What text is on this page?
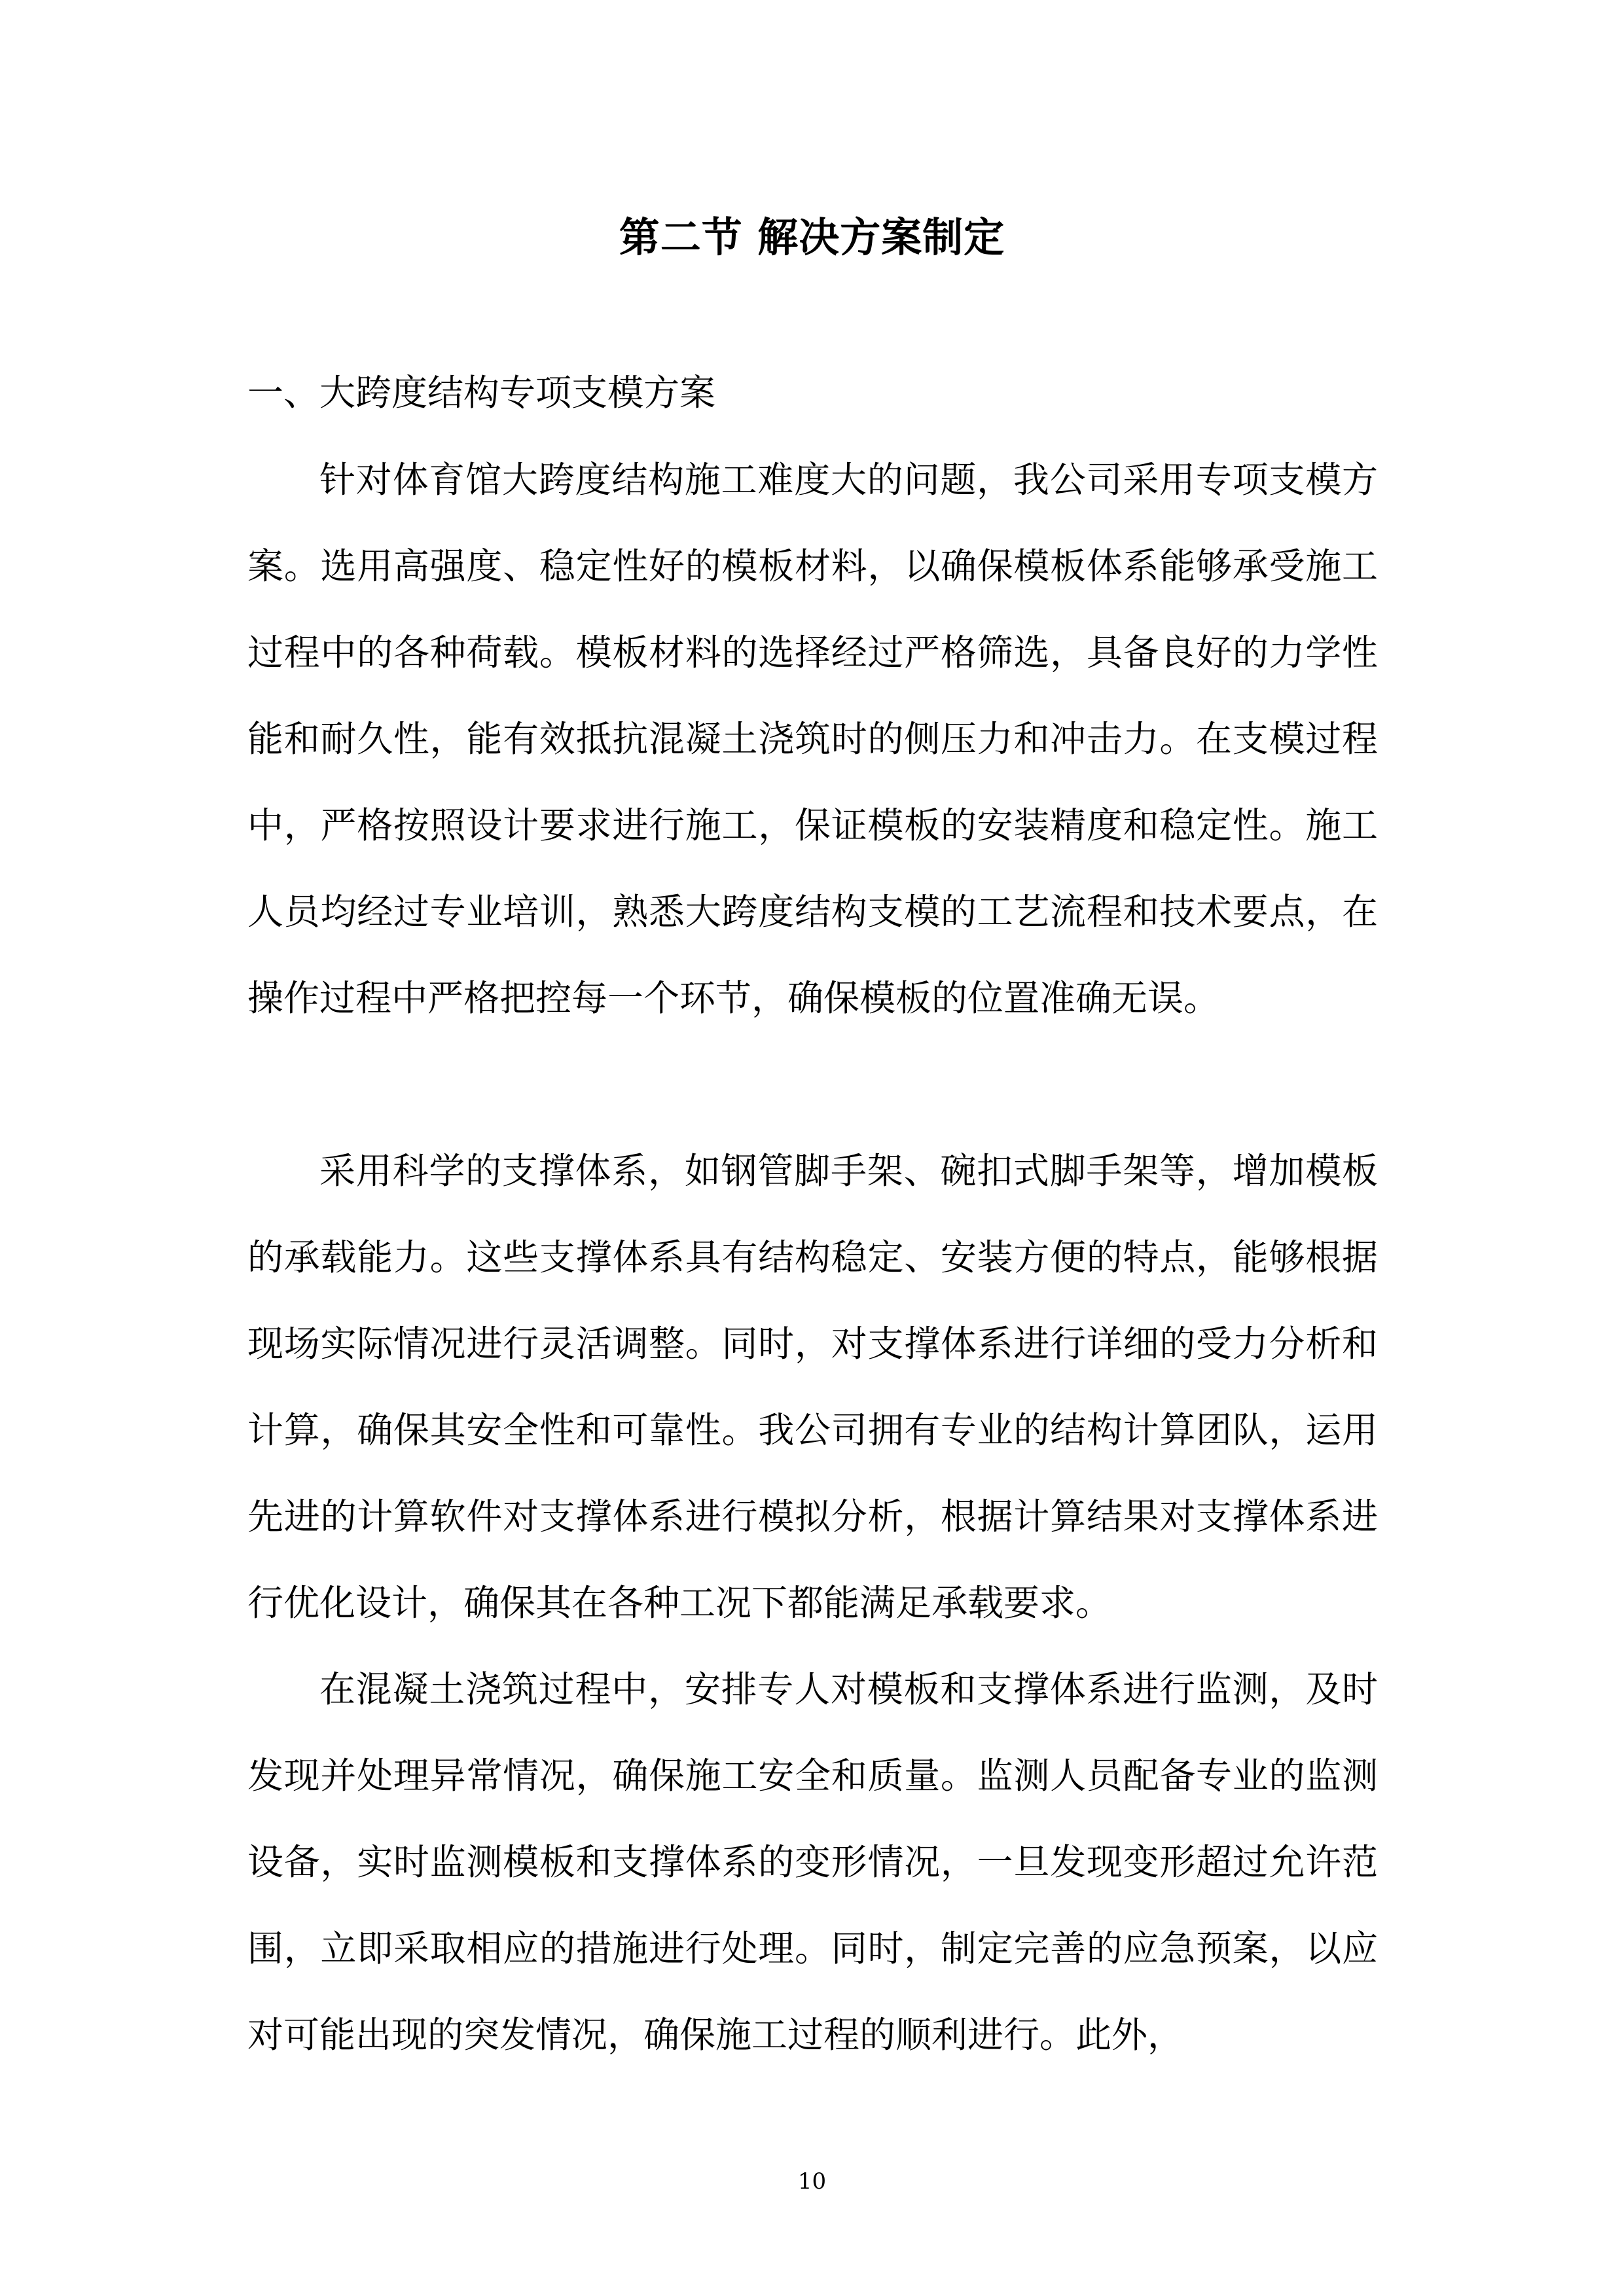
第二节 解决方案制定
一、大跨度结构专项支模方案

针对体育馆大跨度结构施工难度大的问题，我公司采用专项支模方案。选用高强度、稳定性好的模板材料，以确保模板体系能够承受施工过程中的各种荷载。模板材料的选择经过严格筛选，具备良好的力学性能和耐久性，能有效抵抗混凝土浇筑时的侧压力和冲击力。在支模过程中，严格按照设计要求进行施工，保证模板的安装精度和稳定性。施工人员均经过专业培训，熟悉大跨度结构支模的工艺流程和技术要点，在操作过程中严格把控每一个环节，确保模板的位置准确无误。

采用科学的支撑体系，如钢管脚手架、碗扣式脚手架等，增加模板的承载能力。这些支撑体系具有结构稳定、安装方便的特点，能够根据现场实际情况进行灵活调整。同时，对支撑体系进行详细的受力分析和计算，确保其安全性和可靠性。我公司拥有专业的结构计算团队，运用先进的计算软件对支撑体系进行模拟分析，根据计算结果对支撑体系进行优化设计，确保其在各种工况下都能满足承载要求。

在混凝土浇筑过程中，安排专人对模板和支撑体系进行监测，及时发现并处理异常情况，确保施工安全和质量。监测人员配备专业的监测设备，实时监测模板和支撑体系的变形情况，一旦发现变形超过允许范围，立即采取相应的措施进行处理。同时，制定完善的应急预案，以应对可能出现的突发情况，确保施工过程的顺利进行。此外，

10
